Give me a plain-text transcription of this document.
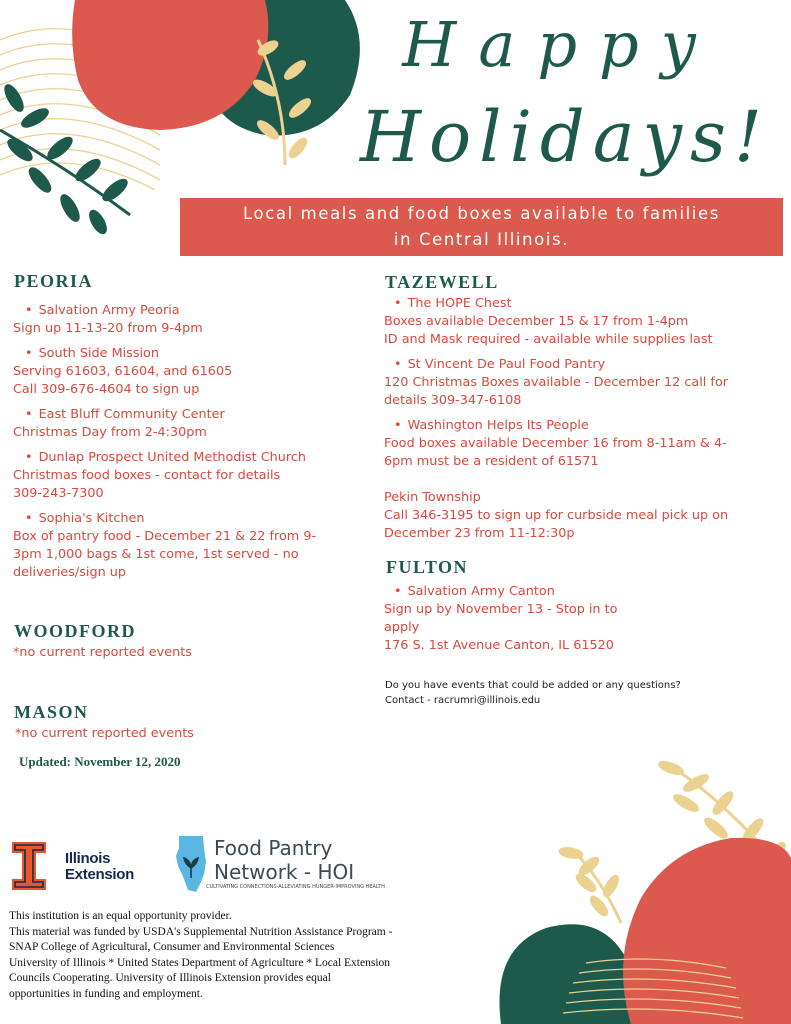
Happy
Holidays!
Local meals and food boxes available to families
in Central Illinois.
PEORIA
• Salvation Army Peoria
Sign up 11-13-20 from 9-4pm
• South Side Mission
Serving 61603, 61604, and 61605
Call 309-676-4604 to sign up
• East Bluff Community Center
Christmas Day from 2-4:30pm
• Dunlap Prospect United Methodist Church
Christmas food boxes - contact for details
309-243-7300
• Sophia's Kitchen
Box of pantry food - December 21 & 22 from 9-
3pm 1,000 bags & 1st come, 1st served - no
deliveries/sign up
WOODFORD
*no current reported events
MASON
*no current reported events
Updated: November 12, 2020
TAZEWELL
• The HOPE Chest
Boxes available December 15 & 17 from 1-4pm
ID and Mask required - available while supplies last
• St Vincent De Paul Food Pantry
120 Christmas Boxes available - December 12 call for
details 309-347-6108
• Washington Helps Its People
Food boxes available December 16 from 8-11am & 4-
6pm must be a resident of 61571
Pekin Township
Call 346-3195 to sign up for curbside meal pick up on
December 23 from 11-12:30p
FULTON
• Salvation Army Canton
Sign up by November 13 - Stop in to
apply
176 S. 1st Avenue Canton, IL 61520
Do you have events that could be added or any questions?
Contact - racrumri@illinois.edu
Illinois
Extension
Food Pantry
Network - HOI
CULTIVATING CONNECTIONS-ALLEVIATING HUNGER-IMPROVING HEALTH
This institution is an equal opportunity provider.
This material was funded by USDA's Supplemental Nutrition Assistance Program -
SNAP College of Agricultural, Consumer and Environmental Sciences
University of Illinois * United States Department of Agriculture * Local Extension
Councils Cooperating. University of Illinois Extension provides equal
opportunities in funding and employment.
